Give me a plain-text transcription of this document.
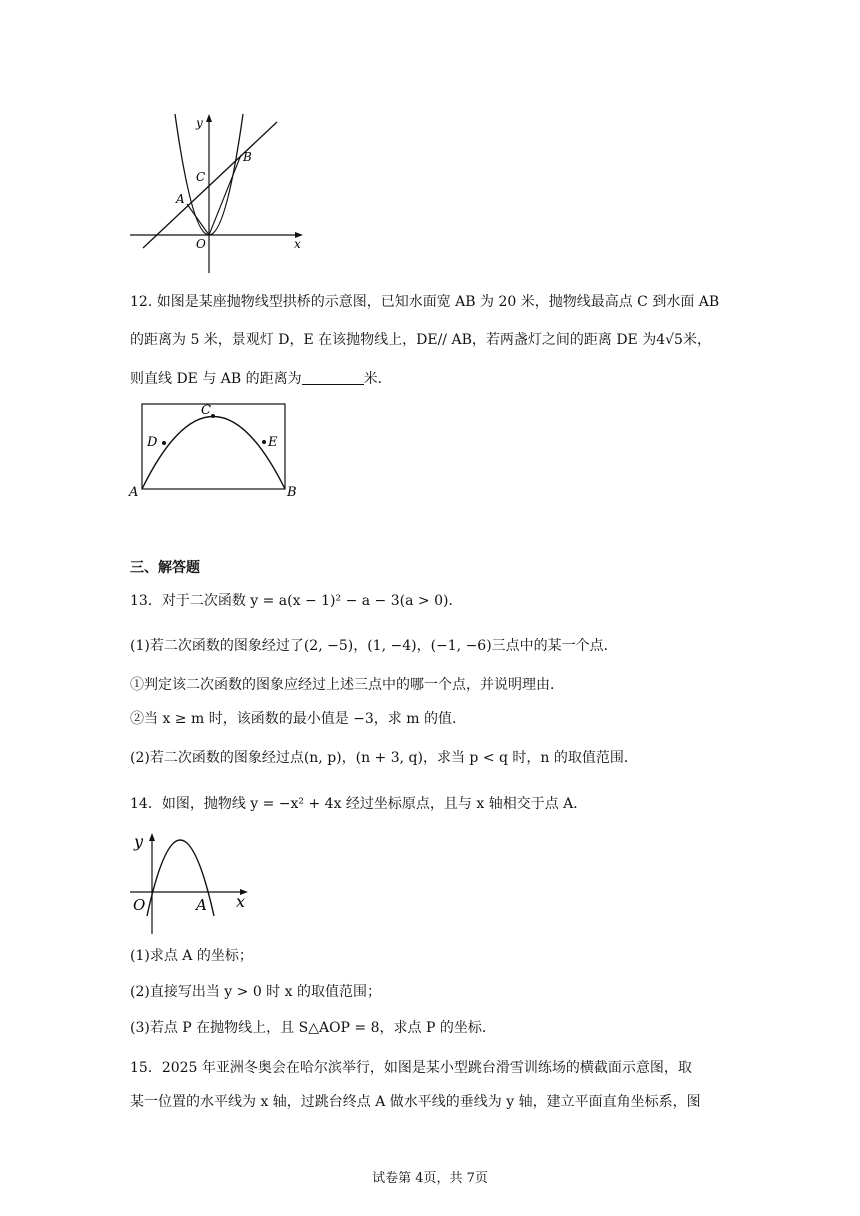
y
x
O
A
B
C
12. 如图是某座抛物线型拱桥的示意图，已知水面宽 AB 为 20 米，抛物线最高点 C 到水面 AB
的距离为 5 米，景观灯 D，E 在该抛物线上，DE// AB，若两盏灯之间的距离 DE 为4√5米，
则直线 DE 与 AB 的距离为	米．
C
D	E
A	B
三、解答题
13．对于二次函数 y = a(x − 1)² − a − 3(a > 0)．
(1)若二次函数的图象经过了(2, −5)，(1, −4)，(−1, −6)三点中的某一个点．
①判定该二次函数的图象应经过上述三点中的哪一个点，并说明理由．
②当 x ≥ m 时，该函数的最小值是 −3，求 m 的值．
(2)若二次函数的图象经过点(n, p)，(n + 3, q)，求当 p < q 时，n 的取值范围．
14．如图，抛物线 y = −x² + 4x 经过坐标原点，且与 x 轴相交于点 A．
y
x
O	A
(1)求点 A 的坐标；
(2)直接写出当 y > 0 时 x 的取值范围；
(3)若点 P 在抛物线上，且 S△AOP = 8，求点 P 的坐标．
15．2025 年亚洲冬奥会在哈尔滨举行，如图是某小型跳台滑雪训练场的横截面示意图，取
某一位置的水平线为 x 轴，过跳台终点 A 做水平线的垂线为 y 轴，建立平面直角坐标系，图
试卷第 4页，共 7页
